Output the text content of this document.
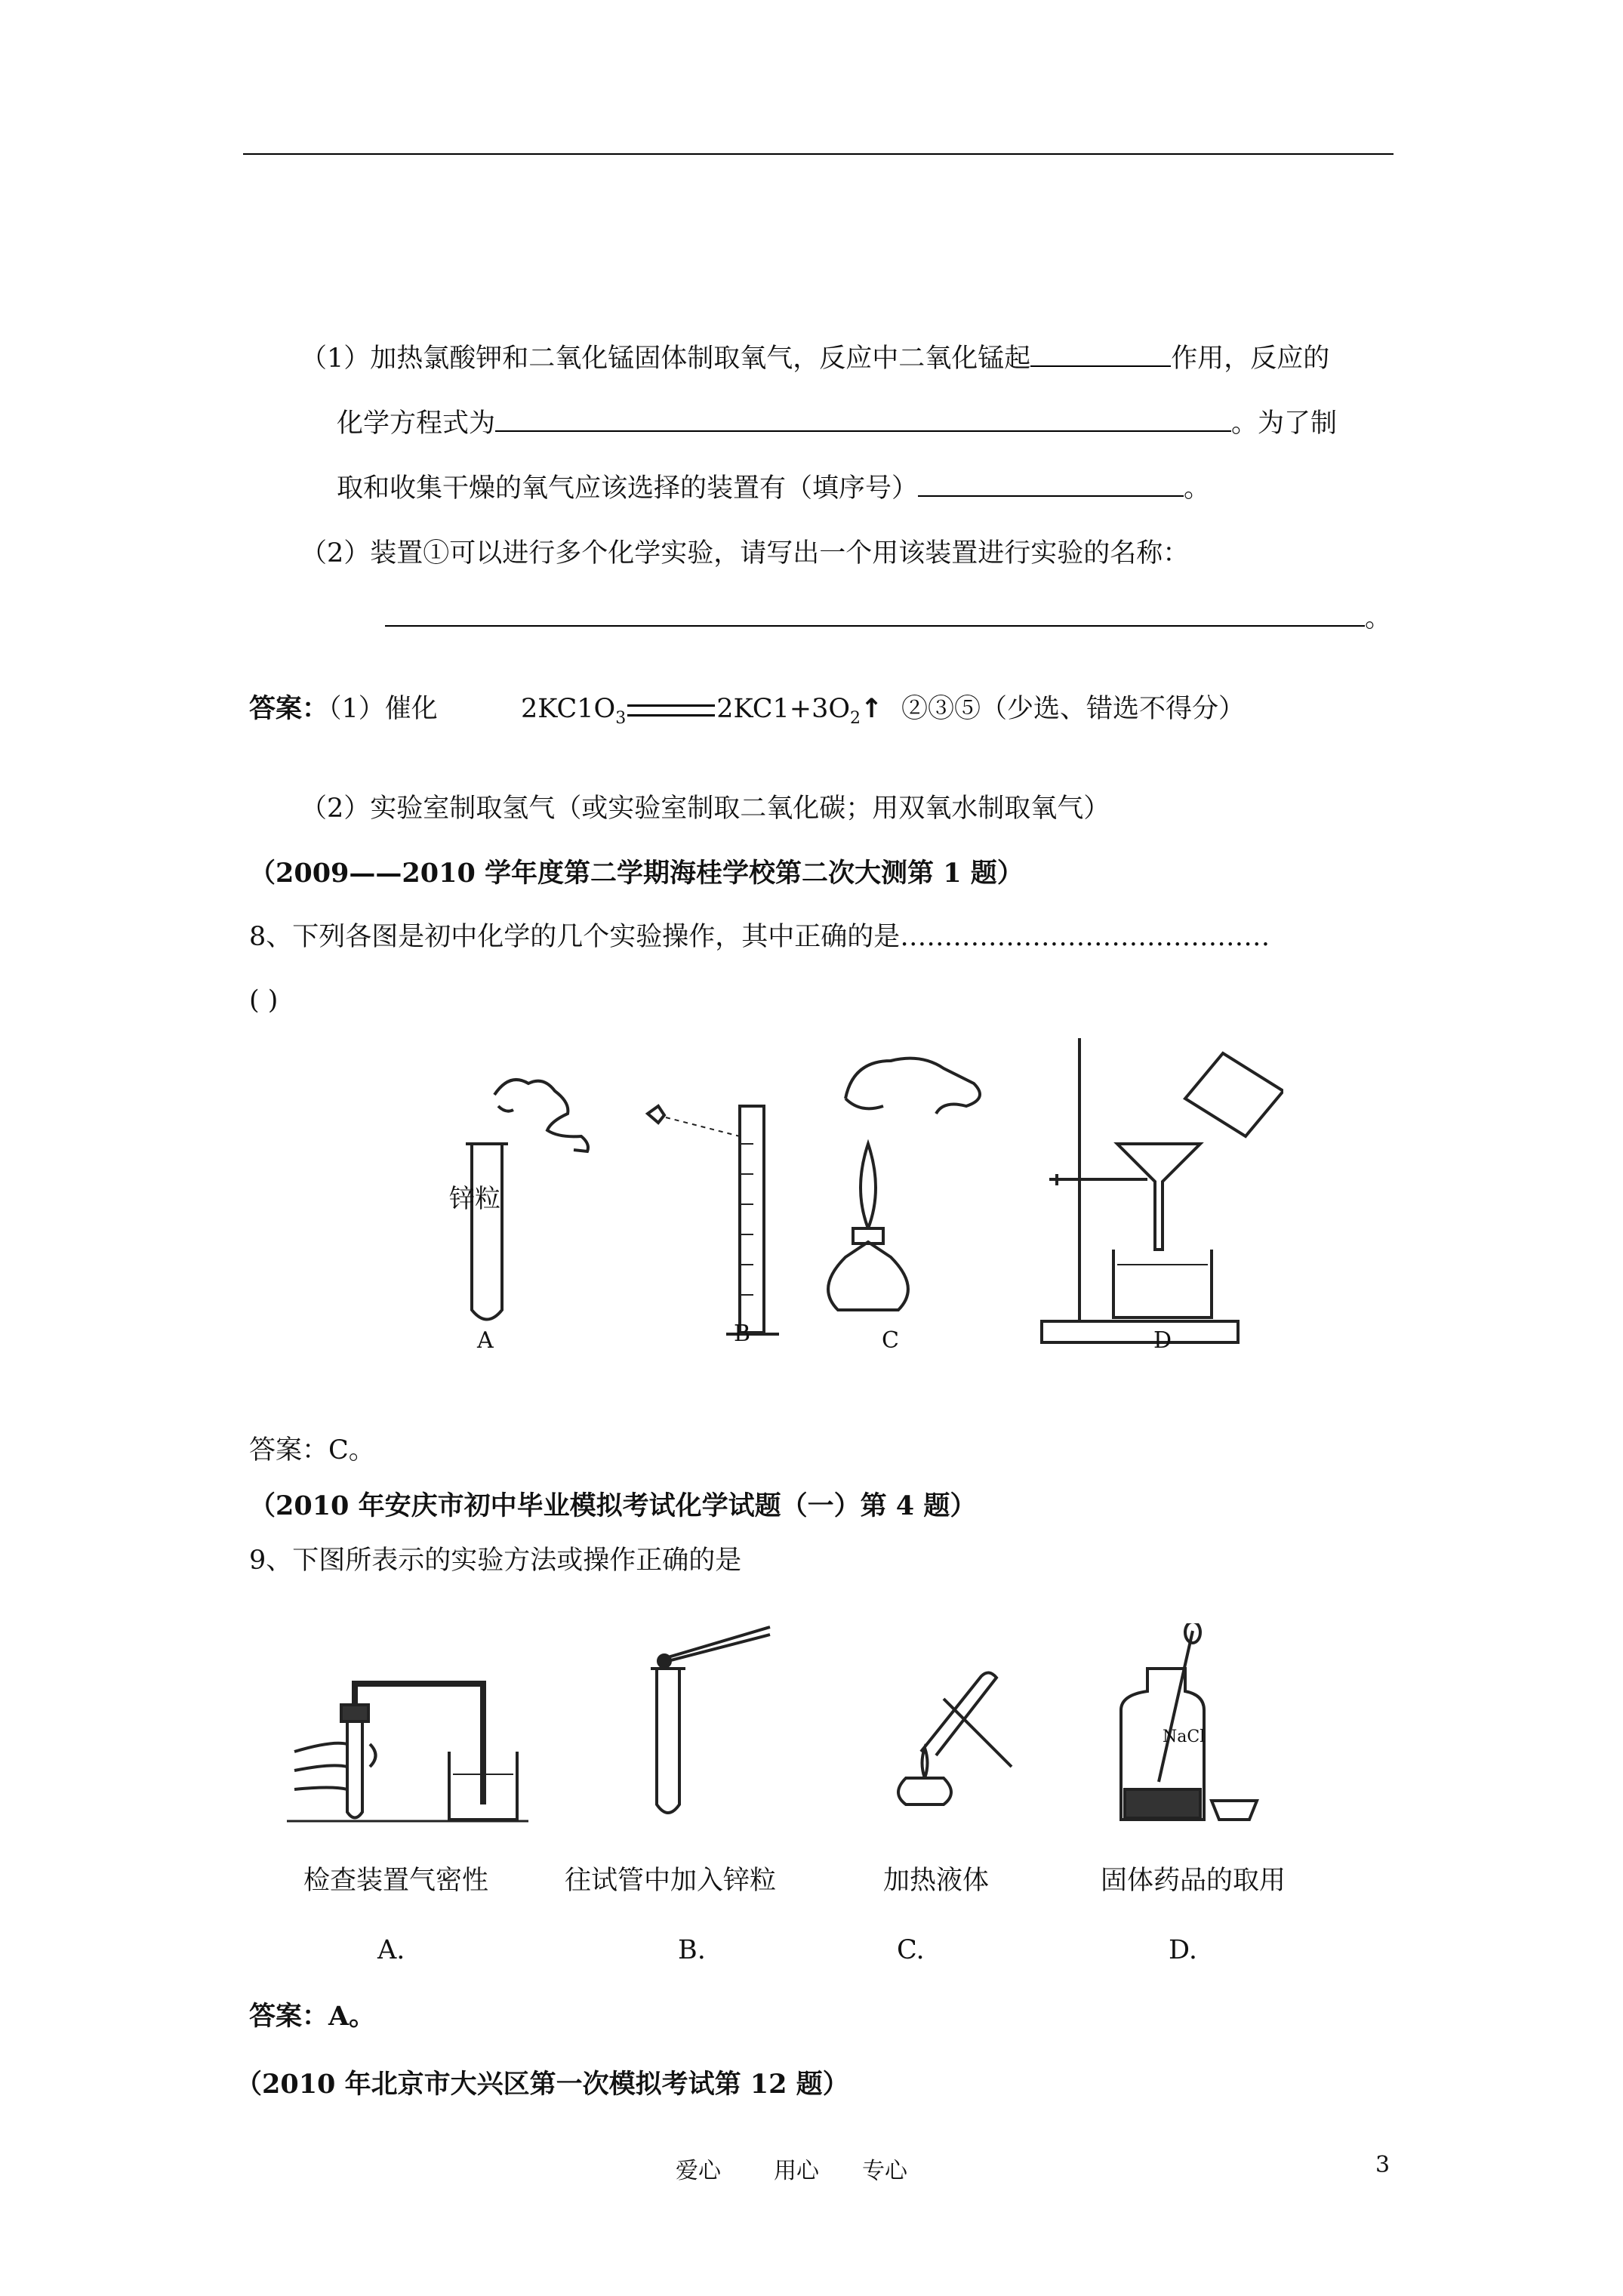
（1）加热氯酸钾和二氧化锰固体制取氧气，反应中二氧化锰起	作用，反应的
化学方程式为	。为了制
取和收集干燥的氧气应该选择的装置有（填序号）	。
（2）装置①可以进行多个化学实验，请写出一个用该装置进行实验的名称：
。
答案：（1）催化	$2KC1O_3$	$2KC1+3O_2↑$ ②③⑤（少选、错选不得分）
（2）实验室制取氢气（或实验室制取二氧化碳；用双氧水制取氧气）
（2009——2010 学年度第二学期海桂学校第二次大测第 1 题）
8、下列各图是初中化学的几个实验操作，其中正确的是……………………………………
( )
锌粒
A	B	C	D
答案：C。
（2010 年安庆市初中毕业模拟考试化学试题（一）第 4 题）
9、下图所表示的实验方法或操作正确的是
NaCl
检查装置气密性	往试管中加入锌粒	加热液体	固体药品的取用
A.	B.	C.	D.
答案：A。
（2010 年北京市大兴区第一次模拟考试第 12 题）
爱心 用心 专心	3
